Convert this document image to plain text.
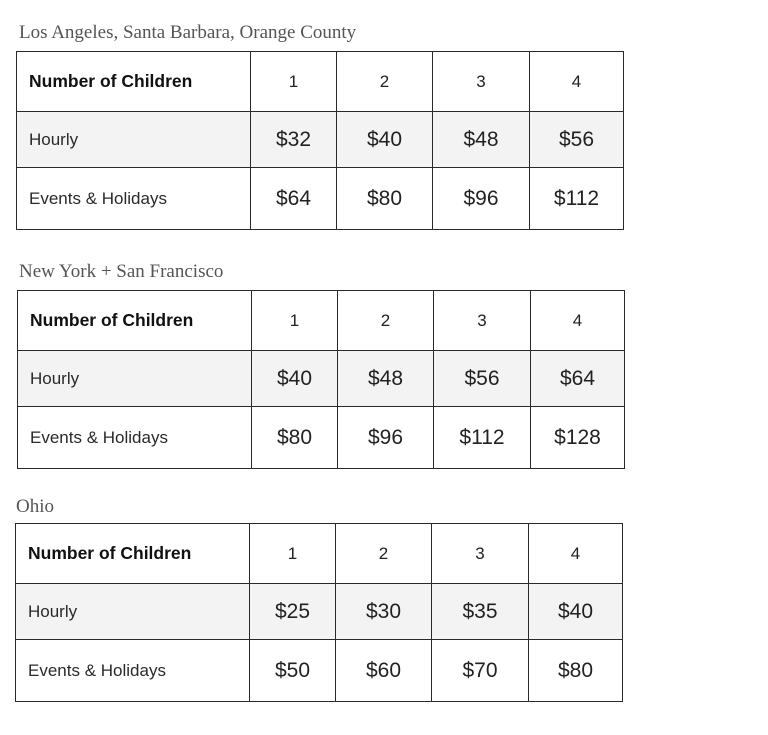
Los Angeles, Santa Barbara, Orange County
Number of Children	1	2	3	4
Hourly	$32	$40	$48	$56
Events & Holidays	$64	$80	$96	$112
New York + San Francisco
Number of Children	1	2	3	4
Hourly	$40	$48	$56	$64
Events & Holidays	$80	$96	$112	$128
Ohio
Number of Children	1	2	3	4
Hourly	$25	$30	$35	$40
Events & Holidays	$50	$60	$70	$80
